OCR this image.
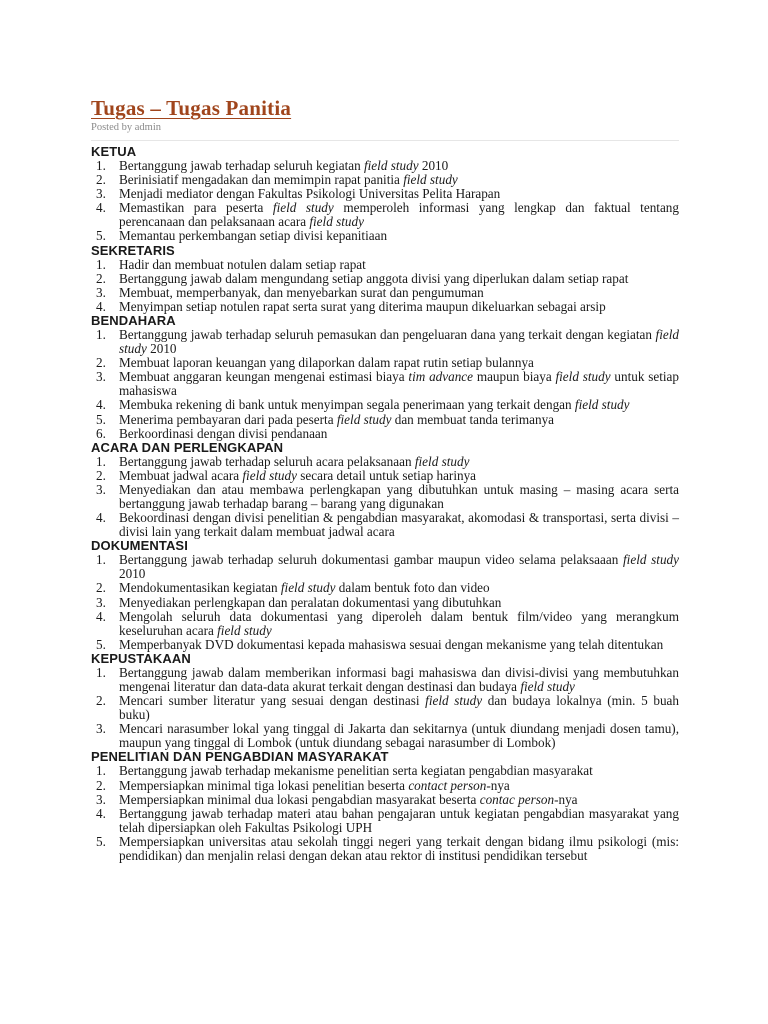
Tugas – Tugas Panitia

Posted by admin

KETUA
1. Bertanggung jawab terhadap seluruh kegiatan field study 2010
2. Berinisiatif mengadakan dan memimpin rapat panitia field study
3. Menjadi mediator dengan Fakultas Psikologi Universitas Pelita Harapan
4. Memastikan para peserta field study memperoleh informasi yang lengkap dan faktual tentang perencanaan dan pelaksanaan acara field study
5. Memantau perkembangan setiap divisi kepanitiaan
SEKRETARIS
1. Hadir dan membuat notulen dalam setiap rapat
2. Bertanggung jawab dalam mengundang setiap anggota divisi yang diperlukan dalam setiap rapat
3. Membuat, memperbanyak, dan menyebarkan surat dan pengumuman
4. Menyimpan setiap notulen rapat serta surat yang diterima maupun dikeluarkan sebagai arsip
BENDAHARA
1. Bertanggung jawab terhadap seluruh pemasukan dan pengeluaran dana yang terkait dengan kegiatan field study 2010
2. Membuat laporan keuangan yang dilaporkan dalam rapat rutin setiap bulannya
3. Membuat anggaran keungan mengenai estimasi biaya tim advance maupun biaya field study untuk setiap mahasiswa
4. Membuka rekening di bank untuk menyimpan segala penerimaan yang terkait dengan field study
5. Menerima pembayaran dari pada peserta field study dan membuat tanda terimanya
6. Berkoordinasi dengan divisi pendanaan
ACARA DAN PERLENGKAPAN
1. Bertanggung jawab terhadap seluruh acara pelaksanaan field study
2. Membuat jadwal acara field study secara detail untuk setiap harinya
3. Menyediakan dan atau membawa perlengkapan yang dibutuhkan untuk masing – masing acara serta bertanggung jawab terhadap barang – barang yang digunakan
4. Bekoordinasi dengan divisi penelitian & pengabdian masyarakat, akomodasi & transportasi, serta divisi – divisi lain yang terkait dalam membuat jadwal acara
DOKUMENTASI
1. Bertanggung jawab terhadap seluruh dokumentasi gambar maupun video selama pelaksaaan field study 2010
2. Mendokumentasikan kegiatan field study dalam bentuk foto dan video
3. Menyediakan perlengkapan dan peralatan dokumentasi yang dibutuhkan
4. Mengolah seluruh data dokumentasi yang diperoleh dalam bentuk film/video yang merangkum keseluruhan acara field study
5. Memperbanyak DVD dokumentasi kepada mahasiswa sesuai dengan mekanisme yang telah ditentukan
KEPUSTAKAAN
1. Bertanggung jawab dalam memberikan informasi bagi mahasiswa dan divisi-divisi yang membutuhkan mengenai literatur dan data-data akurat terkait dengan destinasi dan budaya field study
2. Mencari sumber literatur yang sesuai dengan destinasi field study dan budaya lokalnya (min. 5 buah buku)
3. Mencari narasumber lokal yang tinggal di Jakarta dan sekitarnya (untuk diundang menjadi dosen tamu), maupun yang tinggal di Lombok (untuk diundang sebagai narasumber di Lombok)
PENELITIAN DAN PENGABDIAN MASYARAKAT
1. Bertanggung jawab terhadap mekanisme penelitian serta kegiatan pengabdian masyarakat
2. Mempersiapkan minimal tiga lokasi penelitian beserta contact person-nya
3. Mempersiapkan minimal dua lokasi pengabdian masyarakat beserta contac person-nya
4. Bertanggung jawab terhadap materi atau bahan pengajaran untuk kegiatan pengabdian masyarakat yang telah dipersiapkan oleh Fakultas Psikologi UPH
5. Mempersiapkan universitas atau sekolah tinggi negeri yang terkait dengan bidang ilmu psikologi (mis: pendidikan) dan menjalin relasi dengan dekan atau rektor di institusi pendidikan tersebut
